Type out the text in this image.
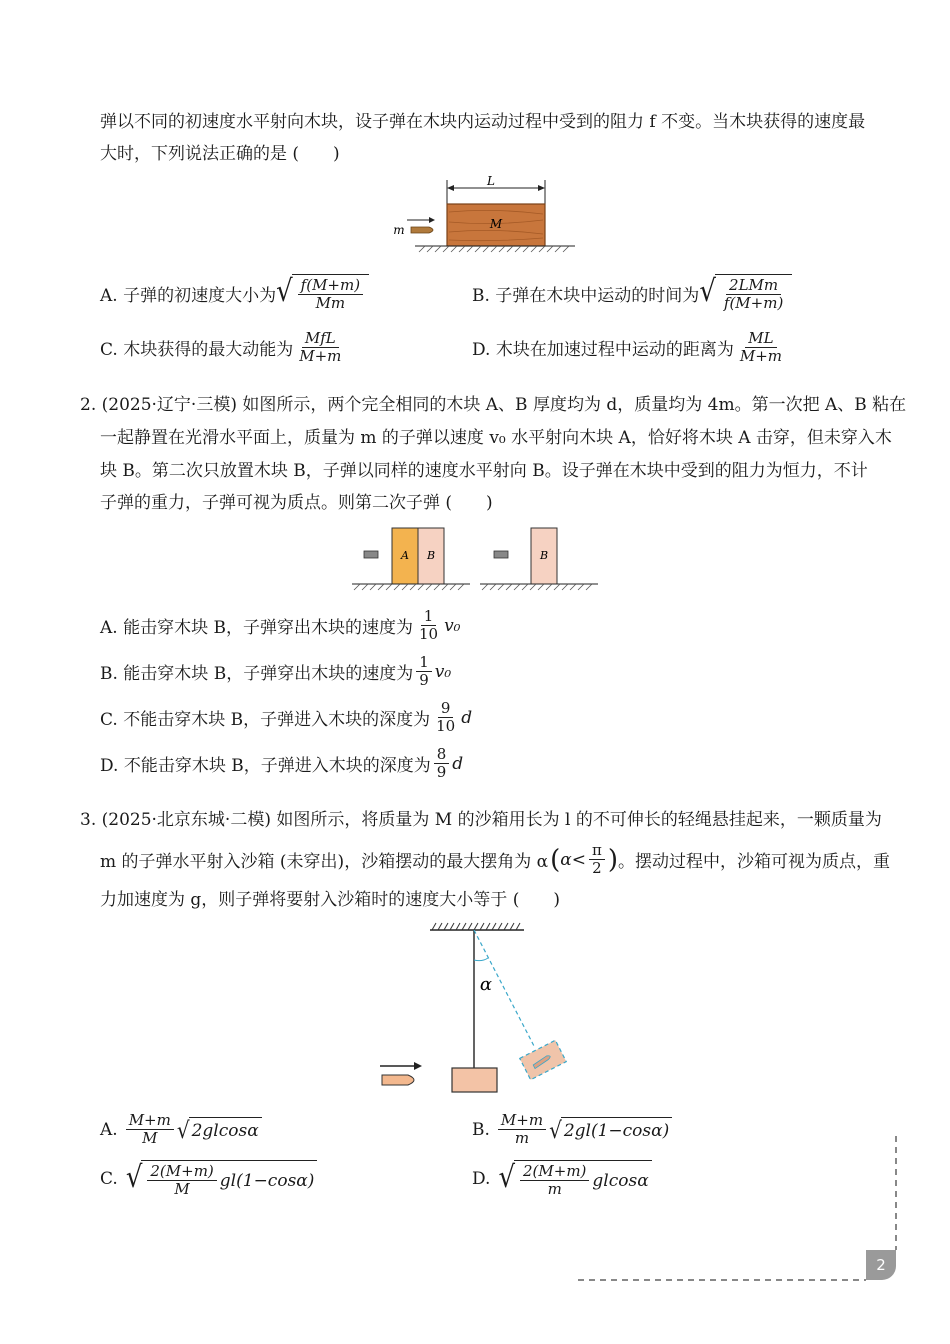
弹以不同的初速度水平射向木块，设子弹在木块内运动过程中受到的阻力 f 不变。当木块获得的速度最
大时，下列说法正确的是 (　　)
L
M
m
A. 子弹的初速度大小为 √ $\frac{f(M+m)}{Mm}$	B. 子弹在木块中运动的时间为 √ $\frac{\text{2LMm}}{f(M+m)}$
C. 木块获得的最大动能为 $\frac{\text{MfL}}{M+m}$	D. 木块在加速过程中运动的距离为 $\frac{ML}{M+m}$
2. (2025·辽宁·三模) 如图所示，两个完全相同的木块 A、B 厚度均为 d，质量均为 4m。第一次把 A、B 粘在
一起静置在光滑水平面上，质量为 m 的子弹以速度 v₀ 水平射向木块 A，恰好将木块 A 击穿，但未穿入木
块 B。第二次只放置木块 B，子弹以同样的速度水平射向 B。设子弹在木块中受到的阻力为恒力，不计
子弹的重力，子弹可视为质点。则第二次子弹 (　　)
A B	B
A. 能击穿木块 B，子弹穿出木块的速度为 $\frac{1}{10} v_0$
B. 能击穿木块 B，子弹穿出木块的速度为 $\frac{1}{9} v_0$
C. 不能击穿木块 B，子弹进入木块的深度为 $\frac{9}{10}$ d
D. 不能击穿木块 B，子弹进入木块的深度为 $\frac{8}{9}$ d
3. (2025·北京东城·二模) 如图所示，将质量为 M 的沙箱用长为 l 的不可伸长的轻绳悬挂起来，一颗质量为
m 的子弹水平射入沙箱 (未穿出)，沙箱摆动的最大摆角为 α ( $\alpha< \frac{\pi}{2}$ ) 。摆动过程中，沙箱可视为质点，重
力加速度为 g，则子弹将要射入沙箱时的速度大小等于 (　　)
α
A. $\frac{M+m}{M}$ √ 2glcosα	B. $\frac{M+m}{m}$ √ 2gl(1−cosα)
C. √ $\frac{2(M+m)}{M} gl(1-\cos\alpha)$	D. √ $\frac{2(M+m)}{m}$ glcosα
2
